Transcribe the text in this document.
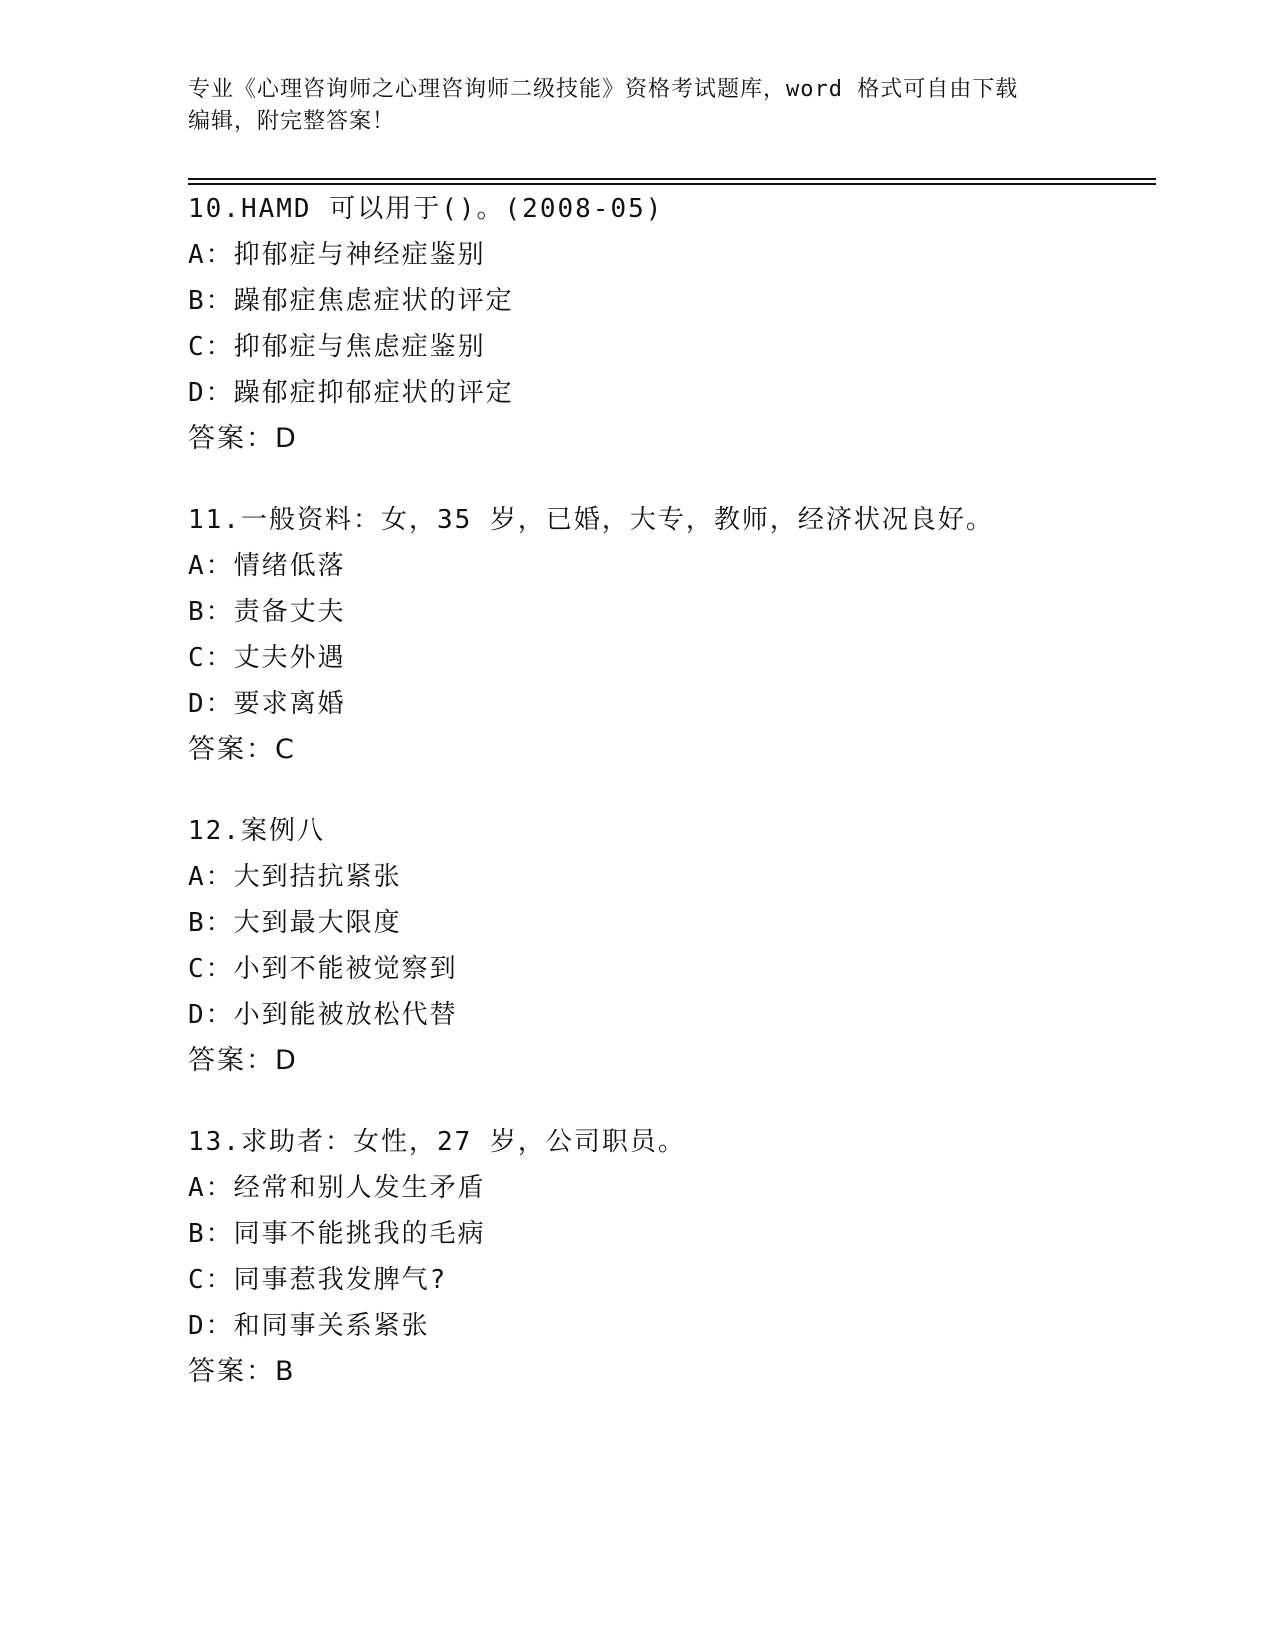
专业《心理咨询师之心理咨询师二级技能》资格考试题库，word 格式可自由下载
编辑，附完整答案！
10.HAMD 可以用于()。(2008-05)
A：抑郁症与神经症鉴别
B：躁郁症焦虑症状的评定
C：抑郁症与焦虑症鉴别
D：躁郁症抑郁症状的评定
答案：D
11.一般资料：女，35 岁，已婚，大专，教师，经济状况良好。
A：情绪低落
B：责备丈夫
C：丈夫外遇
D：要求离婚
答案：C
12.案例八
A：大到拮抗紧张
B：大到最大限度
C：小到不能被觉察到
D：小到能被放松代替
答案：D
13.求助者：女性，27 岁，公司职员。
A：经常和别人发生矛盾
B：同事不能挑我的毛病
C：同事惹我发脾气?
D：和同事关系紧张
答案：B
